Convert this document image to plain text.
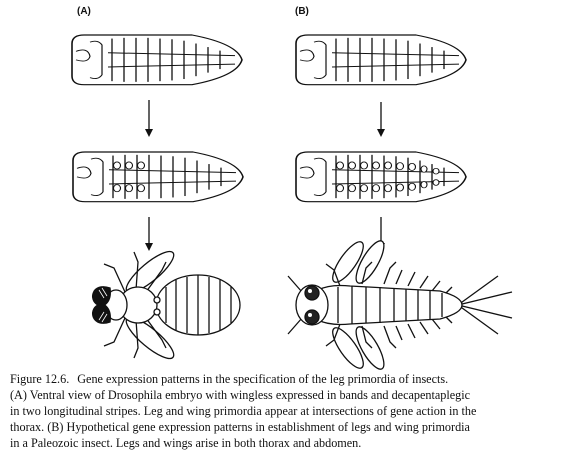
(A)	(B)
Figure 12.6. Gene expression patterns in the specification of the leg primordia of insects.
(A) Ventral view of Drosophila embryo with wingless expressed in bands and decapentaplegic
in two longitudinal stripes. Leg and wing primordia appear at intersections of gene action in the
thorax. (B) Hypothetical gene expression patterns in establishment of legs and wing primordia
in a Paleozoic insect. Legs and wings arise in both thorax and abdomen.
